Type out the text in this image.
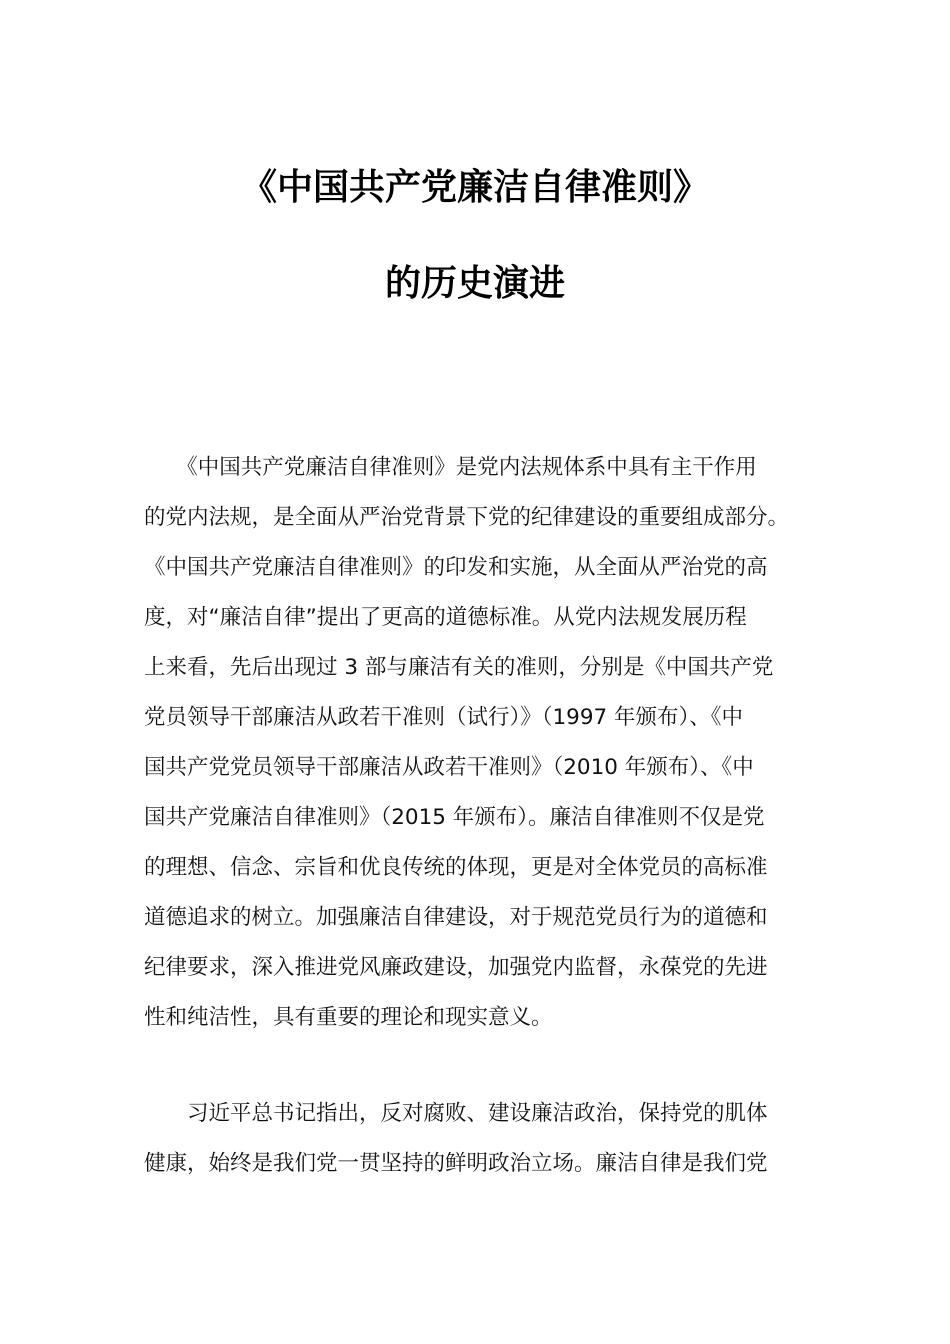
《中国共产党廉洁自律准则》
的历史演进
　　《中国共产党廉洁自律准则》是党内法规体系中具有主干作用
的党内法规，是全面从严治党背景下党的纪律建设的重要组成部分。
《中国共产党廉洁自律准则》的印发和实施，从全面从严治党的高
度，对“廉洁自律”提出了更高的道德标准。从党内法规发展历程
上来看，先后出现过 3 部与廉洁有关的准则，分别是《中国共产党
党员领导干部廉洁从政若干准则（试行）》（1997 年颁布）、《中
国共产党党员领导干部廉洁从政若干准则》（2010 年颁布）、《中
国共产党廉洁自律准则》（2015 年颁布）。廉洁自律准则不仅是党
的理想、信念、宗旨和优良传统的体现，更是对全体党员的高标准
道德追求的树立。加强廉洁自律建设，对于规范党员行为的道德和
纪律要求，深入推进党风廉政建设，加强党内监督，永葆党的先进
性和纯洁性，具有重要的理论和现实意义。
　　习近平总书记指出，反对腐败、建设廉洁政治，保持党的肌体
健康，始终是我们党一贯坚持的鲜明政治立场。廉洁自律是我们党
